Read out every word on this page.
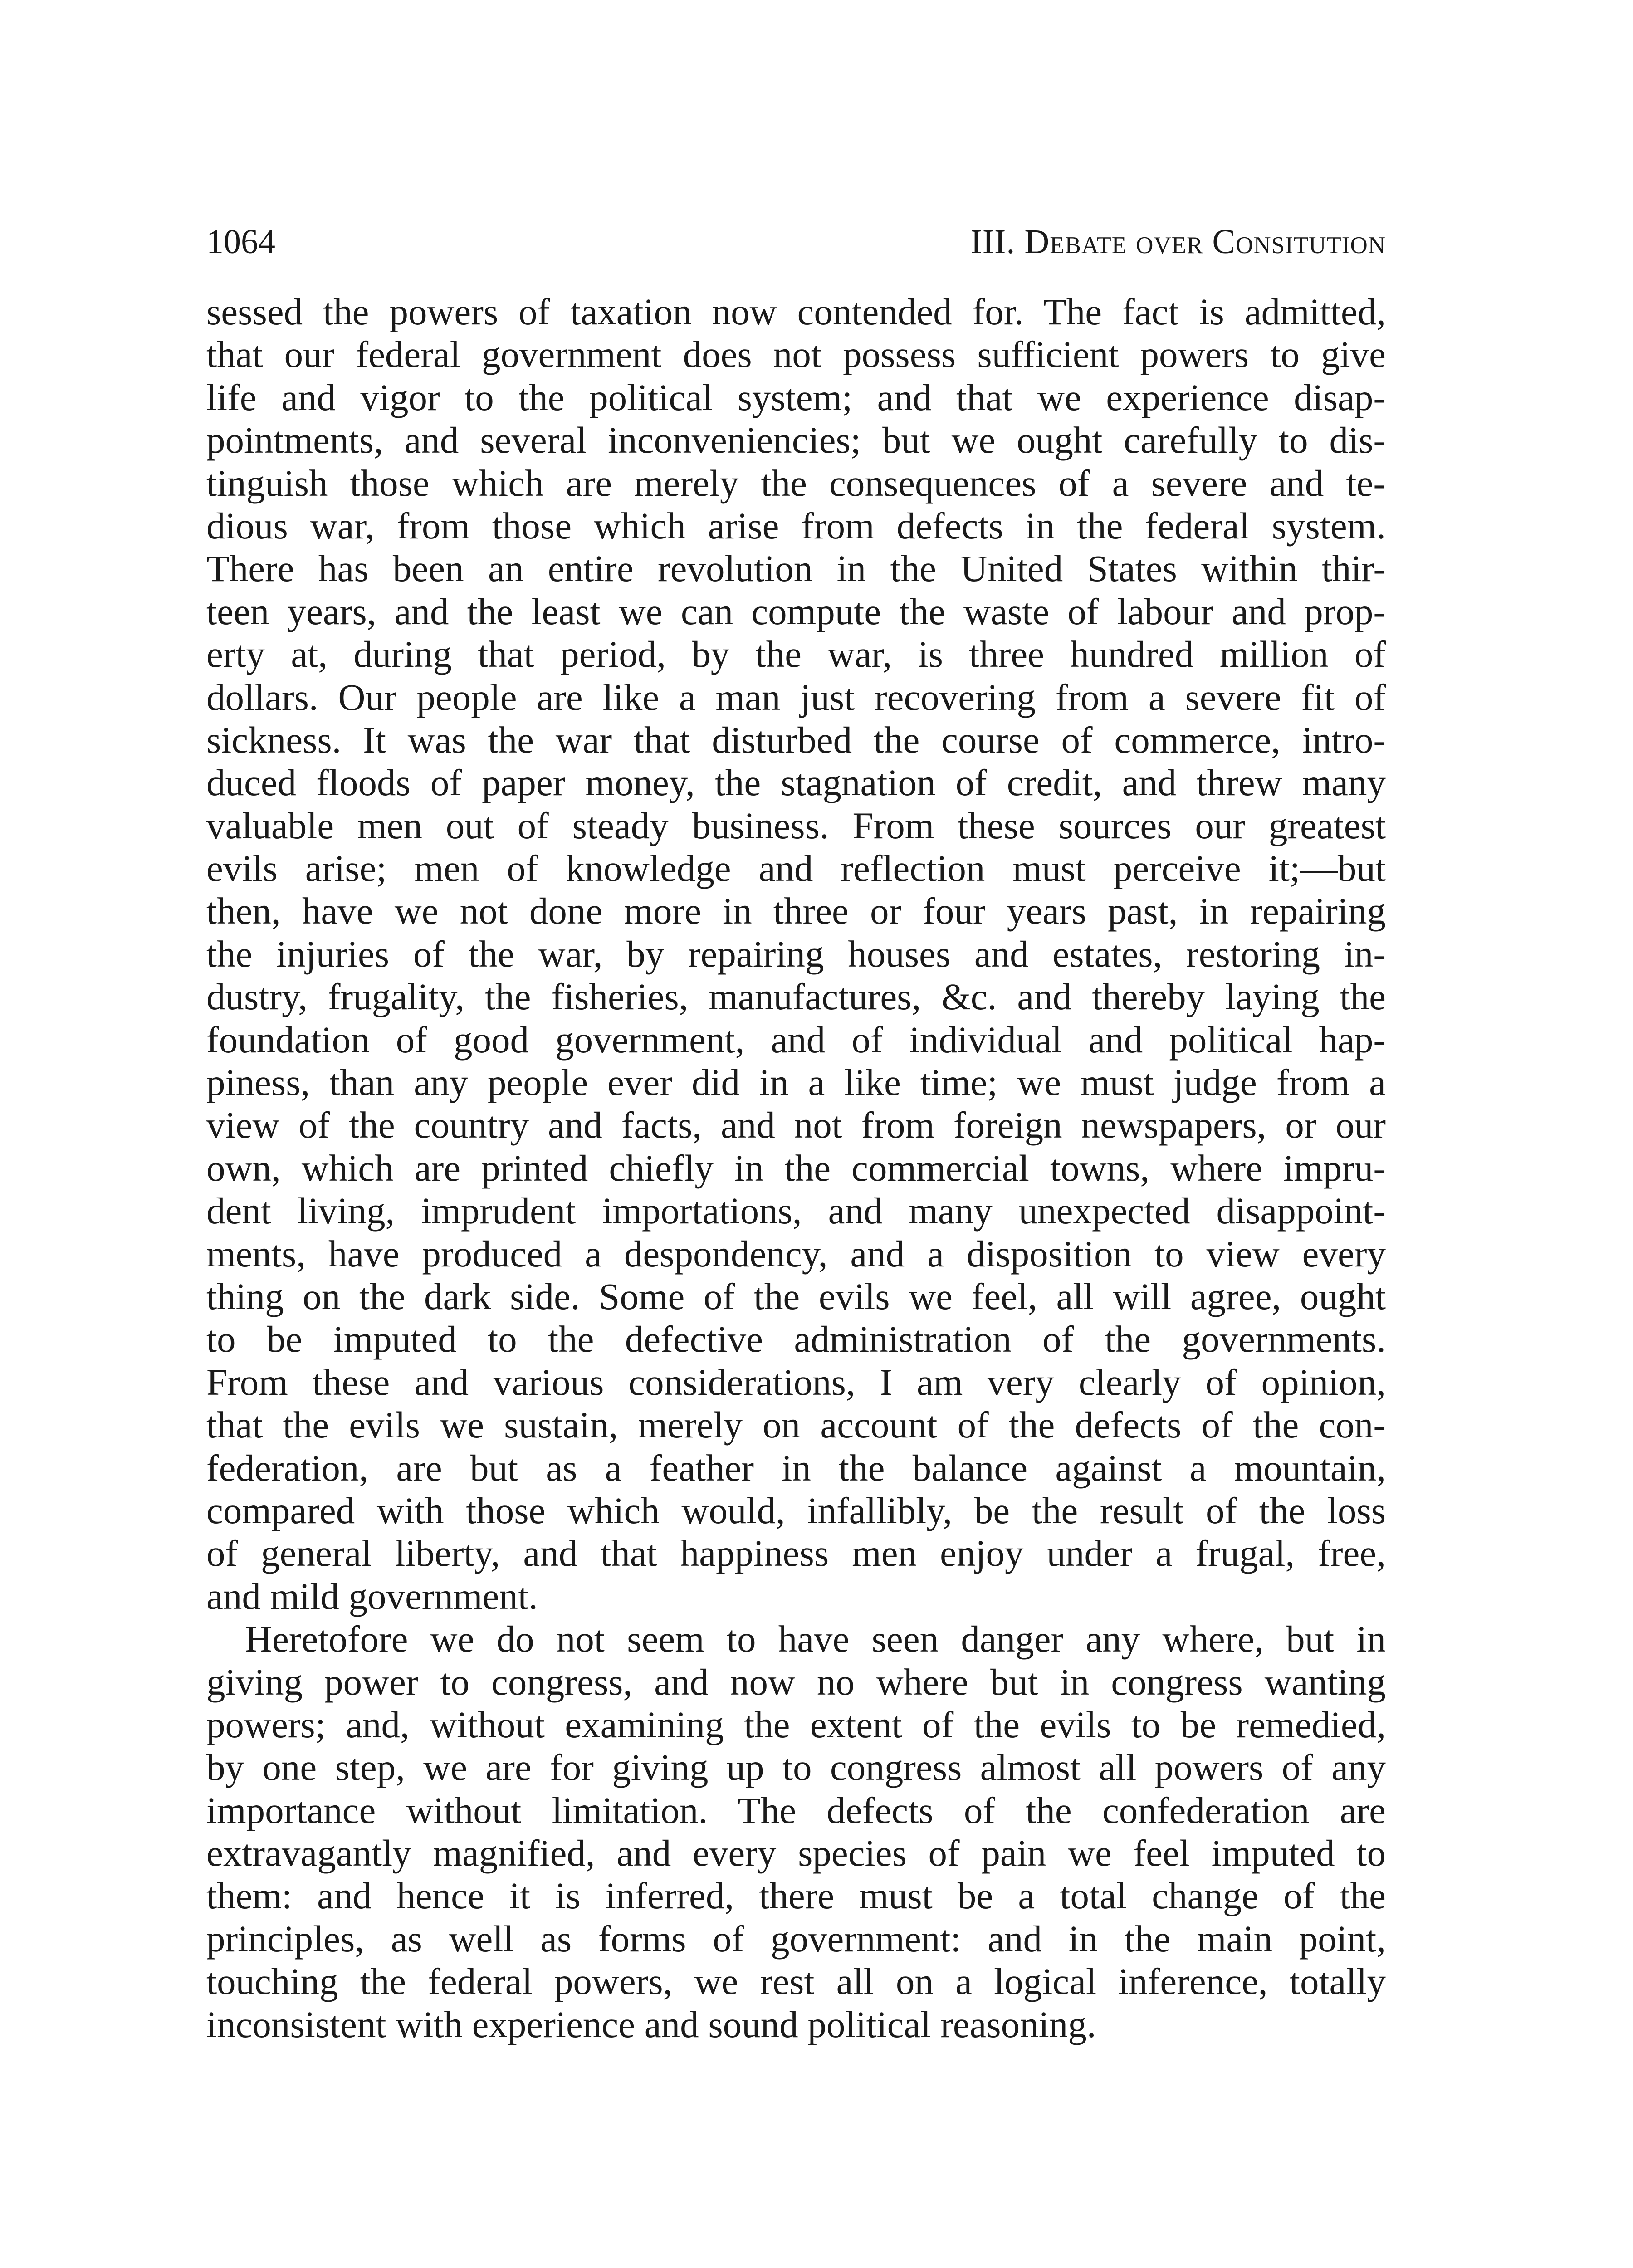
1064	III. Debate over Consitution
sessed the powers of taxation now contended for. The fact is admitted,
that our federal government does not possess sufficient powers to give
life and vigor to the political system; and that we experience disap-
pointments, and several inconveniencies; but we ought carefully to dis-
tinguish those which are merely the consequences of a severe and te-
dious war, from those which arise from defects in the federal system.
There has been an entire revolution in the United States within thir-
teen years, and the least we can compute the waste of labour and prop-
erty at, during that period, by the war, is three hundred million of
dollars. Our people are like a man just recovering from a severe fit of
sickness. It was the war that disturbed the course of commerce, intro-
duced floods of paper money, the stagnation of credit, and threw many
valuable men out of steady business. From these sources our greatest
evils arise; men of knowledge and reflection must perceive it;—but
then, have we not done more in three or four years past, in repairing
the injuries of the war, by repairing houses and estates, restoring in-
dustry, frugality, the fisheries, manufactures, &c. and thereby laying the
foundation of good government, and of individual and political hap-
piness, than any people ever did in a like time; we must judge from a
view of the country and facts, and not from foreign newspapers, or our
own, which are printed chiefly in the commercial towns, where impru-
dent living, imprudent importations, and many unexpected disappoint-
ments, have produced a despondency, and a disposition to view every
thing on the dark side. Some of the evils we feel, all will agree, ought
to be imputed to the defective administration of the governments.
From these and various considerations, I am very clearly of opinion,
that the evils we sustain, merely on account of the defects of the con-
federation, are but as a feather in the balance against a mountain,
compared with those which would, infallibly, be the result of the loss
of general liberty, and that happiness men enjoy under a frugal, free,
and mild government.
Heretofore we do not seem to have seen danger any where, but in
giving power to congress, and now no where but in congress wanting
powers; and, without examining the extent of the evils to be remedied,
by one step, we are for giving up to congress almost all powers of any
importance without limitation. The defects of the confederation are
extravagantly magnified, and every species of pain we feel imputed to
them: and hence it is inferred, there must be a total change of the
principles, as well as forms of government: and in the main point,
touching the federal powers, we rest all on a logical inference, totally
inconsistent with experience and sound political reasoning.
